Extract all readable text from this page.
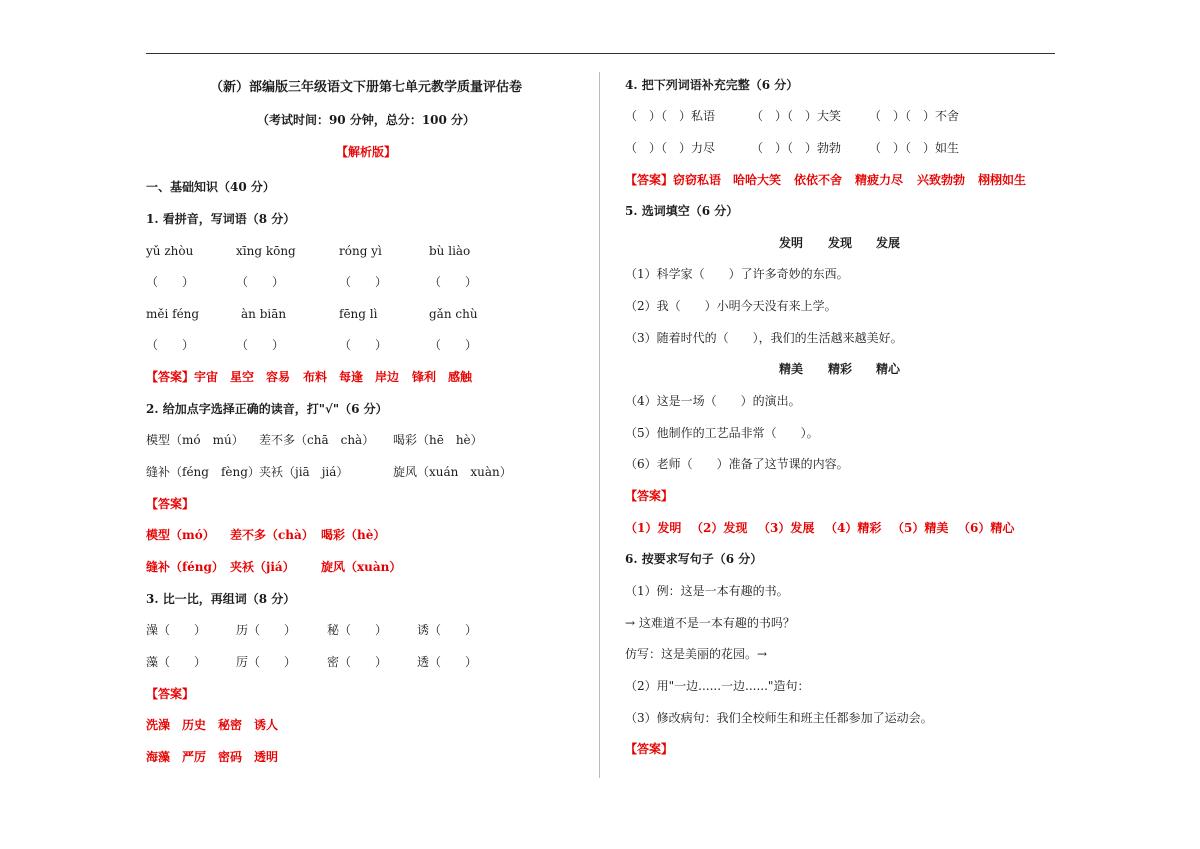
（新）部编版三年级语文下册第七单元教学质量评估卷
（考试时间：90 分钟，总分：100 分）
【解析版】
一、基础知识（40 分）
1. 看拼音，写词语（8 分）
yǔ zhòu	xīng kōng	róng yì	bù liào
（　　）	（　　）	（　　）	（　　）
měi féng	àn biān	fēng lì	gǎn chù
（　　）	（　　）	（　　）	（　　）
【答案】 宇宙 星空 容易 布料 每逢 岸边 锋利 感触
2. 给加点字选择正确的读音，打"√"（6 分）
模型（mó　mú） 差不多（chā　chà） 喝彩（hē　hè）
缝补（féng　fèng） 夹袄（jiā　jiá）	旋风（xuán　xuàn）
【答案】
模型（mó） 差不多（chà） 喝彩（hè）
缝补（féng） 夹袄（jiá） 旋风（xuàn）
3. 比一比，再组词（8 分）
澡（　　） 历（　　）	秘（　　） 诱（　　）
藻（　　） 厉（　　）	密（　　） 透（　　）
【答案】
洗澡 历史 秘密 诱人
海藻 严厉 密码 透明
4. 把下列词语补充完整（6 分）
（　）（　）私语	（　）（　）大笑 （　）（　）不舍
（　）（　）力尽	（　）（　）勃勃 （　）（　）如生
【答案】 窃窃私语 哈哈大笑 依依不舍 精疲力尽 兴致勃勃 栩栩如生
5. 选词填空（6 分）
发明 发现 发展
（1）科学家（　　）了许多奇妙的东西。
（2）我（　　）小明今天没有来上学。
（3）随着时代的（　　），我们的生活越来越美好。
精美 精彩 精心
（4）这是一场（　　）的演出。
（5）他制作的工艺品非常（　　）。
（6）老师（　　）准备了这节课的内容。
【答案】
（1）发明 （2）发现 （3）发展 （4）精彩 （5）精美 （6）精心
6. 按要求写句子（6 分）
（1）例：这是一本有趣的书。
→ 这难道不是一本有趣的书吗？
仿写：这是美丽的花园。→
（2）用"一边......一边......"造句：
（3）修改病句：我们全校师生和班主任都参加了运动会。
【答案】
